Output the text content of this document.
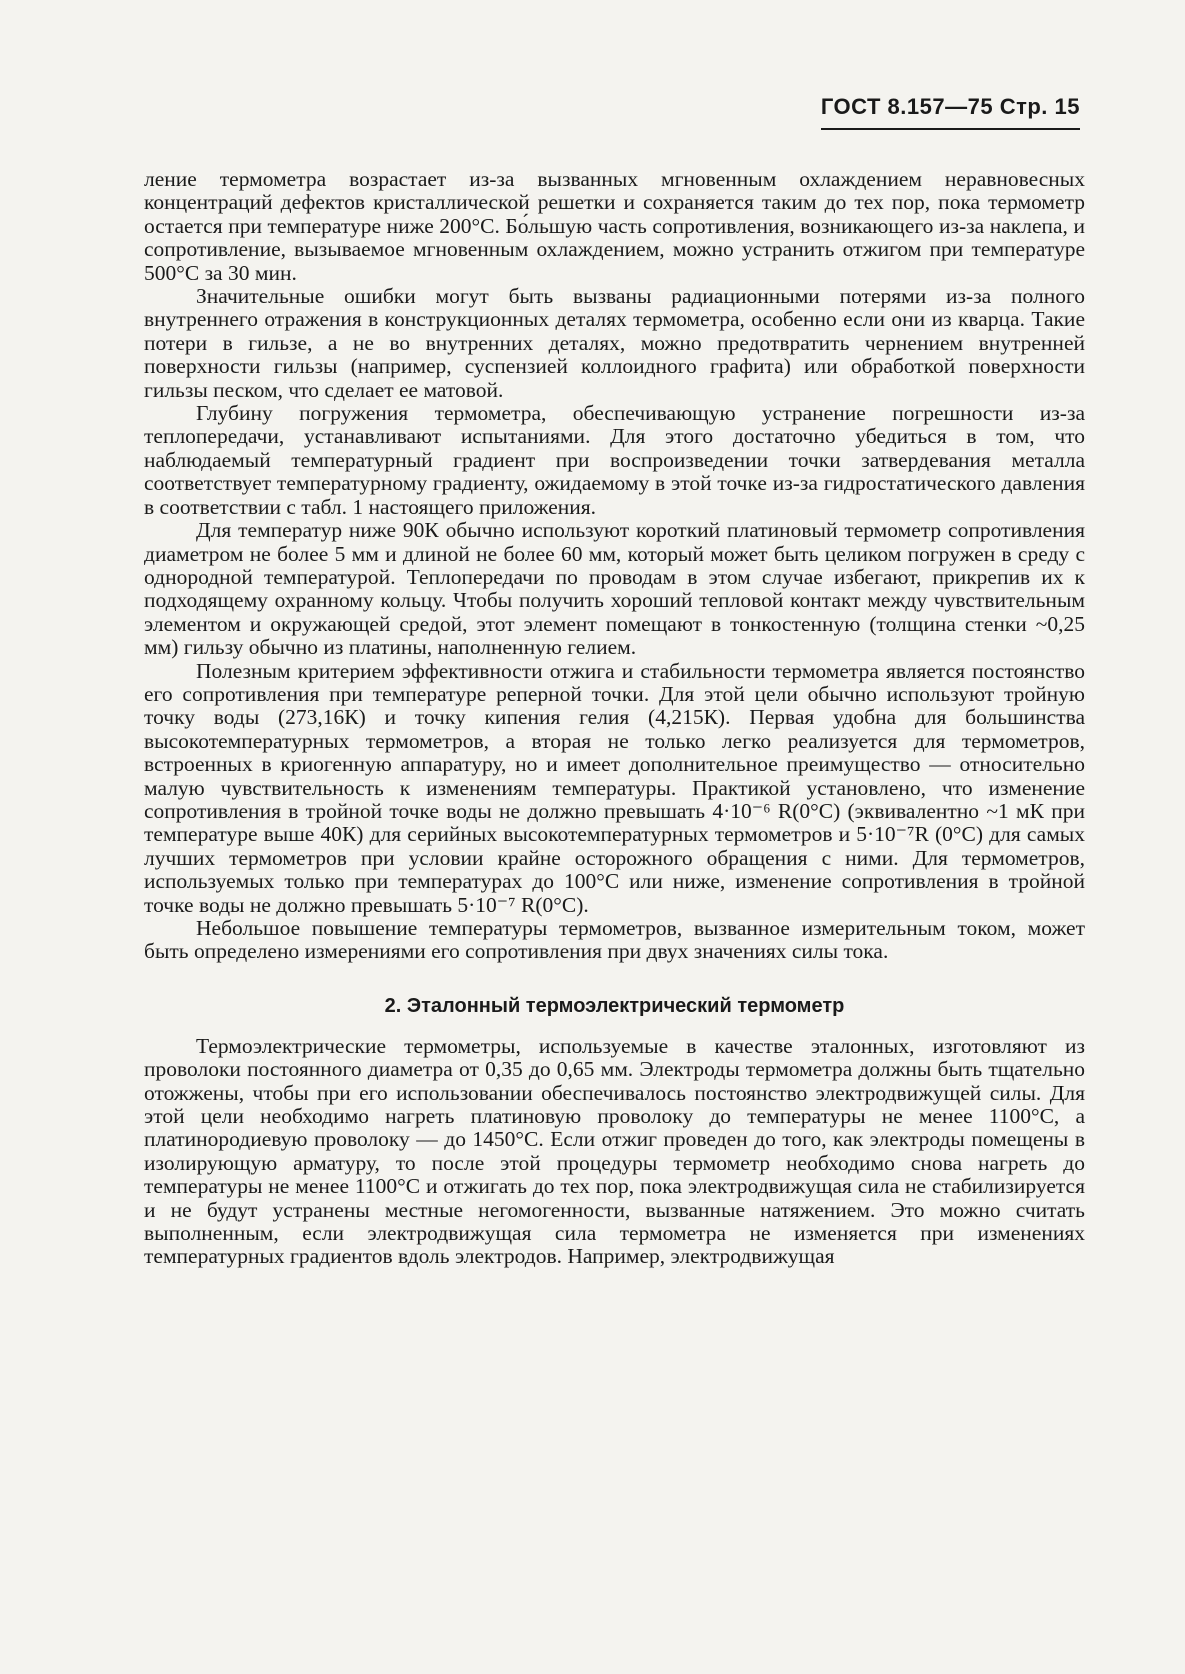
ГОСТ 8.157—75 Стр. 15

ление термометра возрастает из-за вызванных мгновенным охлаждением неравновесных концентраций дефектов кристаллической решетки и сохраняется таким до тех пор, пока термометр остается при температуре ниже 200°С. Бо́льшую часть сопротивления, возникающего из-за наклепа, и сопротивление, вызываемое мгновенным охлаждением, можно устранить отжигом при температуре 500°С за 30 мин.

Значительные ошибки могут быть вызваны радиационными потерями из-за полного внутреннего отражения в конструкционных деталях термометра, особенно если они из кварца. Такие потери в гильзе, а не во внутренних деталях, можно предотвратить чернением внутренней поверхности гильзы (например, суспензией коллоидного графита) или обработкой поверхности гильзы песком, что сделает ее матовой.

Глубину погружения термометра, обеспечивающую устранение погрешности из-за теплопередачи, устанавливают испытаниями. Для этого достаточно убедиться в том, что наблюдаемый температурный градиент при воспроизведении точки затвердевания металла соответствует температурному градиенту, ожидаемому в этой точке из-за гидростатического давления в соответствии с табл. 1 настоящего приложения.

Для температур ниже 90К обычно используют короткий платиновый термометр сопротивления диаметром не более 5 мм и длиной не более 60 мм, который может быть целиком погружен в среду с однородной температурой. Теплопередачи по проводам в этом случае избегают, прикрепив их к подходящему охранному кольцу. Чтобы получить хороший тепловой контакт между чувствительным элементом и окружающей средой, этот элемент помещают в тонкостенную (толщина стенки ~0,25 мм) гильзу обычно из платины, наполненную гелием.

Полезным критерием эффективности отжига и стабильности термометра является постоянство его сопротивления при температуре реперной точки. Для этой цели обычно используют тройную точку воды (273,16К) и точку кипения гелия (4,215К). Первая удобна для большинства высокотемпературных термометров, а вторая не только легко реализуется для термометров, встроенных в криогенную аппаратуру, но и имеет дополнительное преимущество — относительно малую чувствительность к изменениям температуры. Практикой установлено, что изменение сопротивления в тройной точке воды не должно превышать 4·10⁻⁶ R(0°С) (эквивалентно ~1 мК при температуре выше 40К) для серийных высокотемпературных термометров и 5·10⁻⁷R (0°С) для самых лучших термометров при условии крайне осторожного обращения с ними. Для термометров, используемых только при температурах до 100°С или ниже, изменение сопротивления в тройной точке воды не должно превышать 5·10⁻⁷ R(0°С).

Небольшое повышение температуры термометров, вызванное измерительным током, может быть определено измерениями его сопротивления при двух значениях силы тока.

2. Эталонный термоэлектрический термометр

Термоэлектрические термометры, используемые в качестве эталонных, изготовляют из проволоки постоянного диаметра от 0,35 до 0,65 мм. Электроды термометра должны быть тщательно отожжены, чтобы при его использовании обеспечивалось постоянство электродвижущей силы. Для этой цели необходимо нагреть платиновую проволоку до температуры не менее 1100°С, а платинородиевую проволоку — до 1450°С. Если отжиг проведен до того, как электроды помещены в изолирующую арматуру, то после этой процедуры термометр необходимо снова нагреть до температуры не менее 1100°С и отжигать до тех пор, пока электродвижущая сила не стабилизируется и не будут устранены местные негомогенности, вызванные натяжением. Это можно считать выполненным, если электродвижущая сила термометра не изменяется при изменениях температурных градиентов вдоль электродов. Например, электродвижущая
